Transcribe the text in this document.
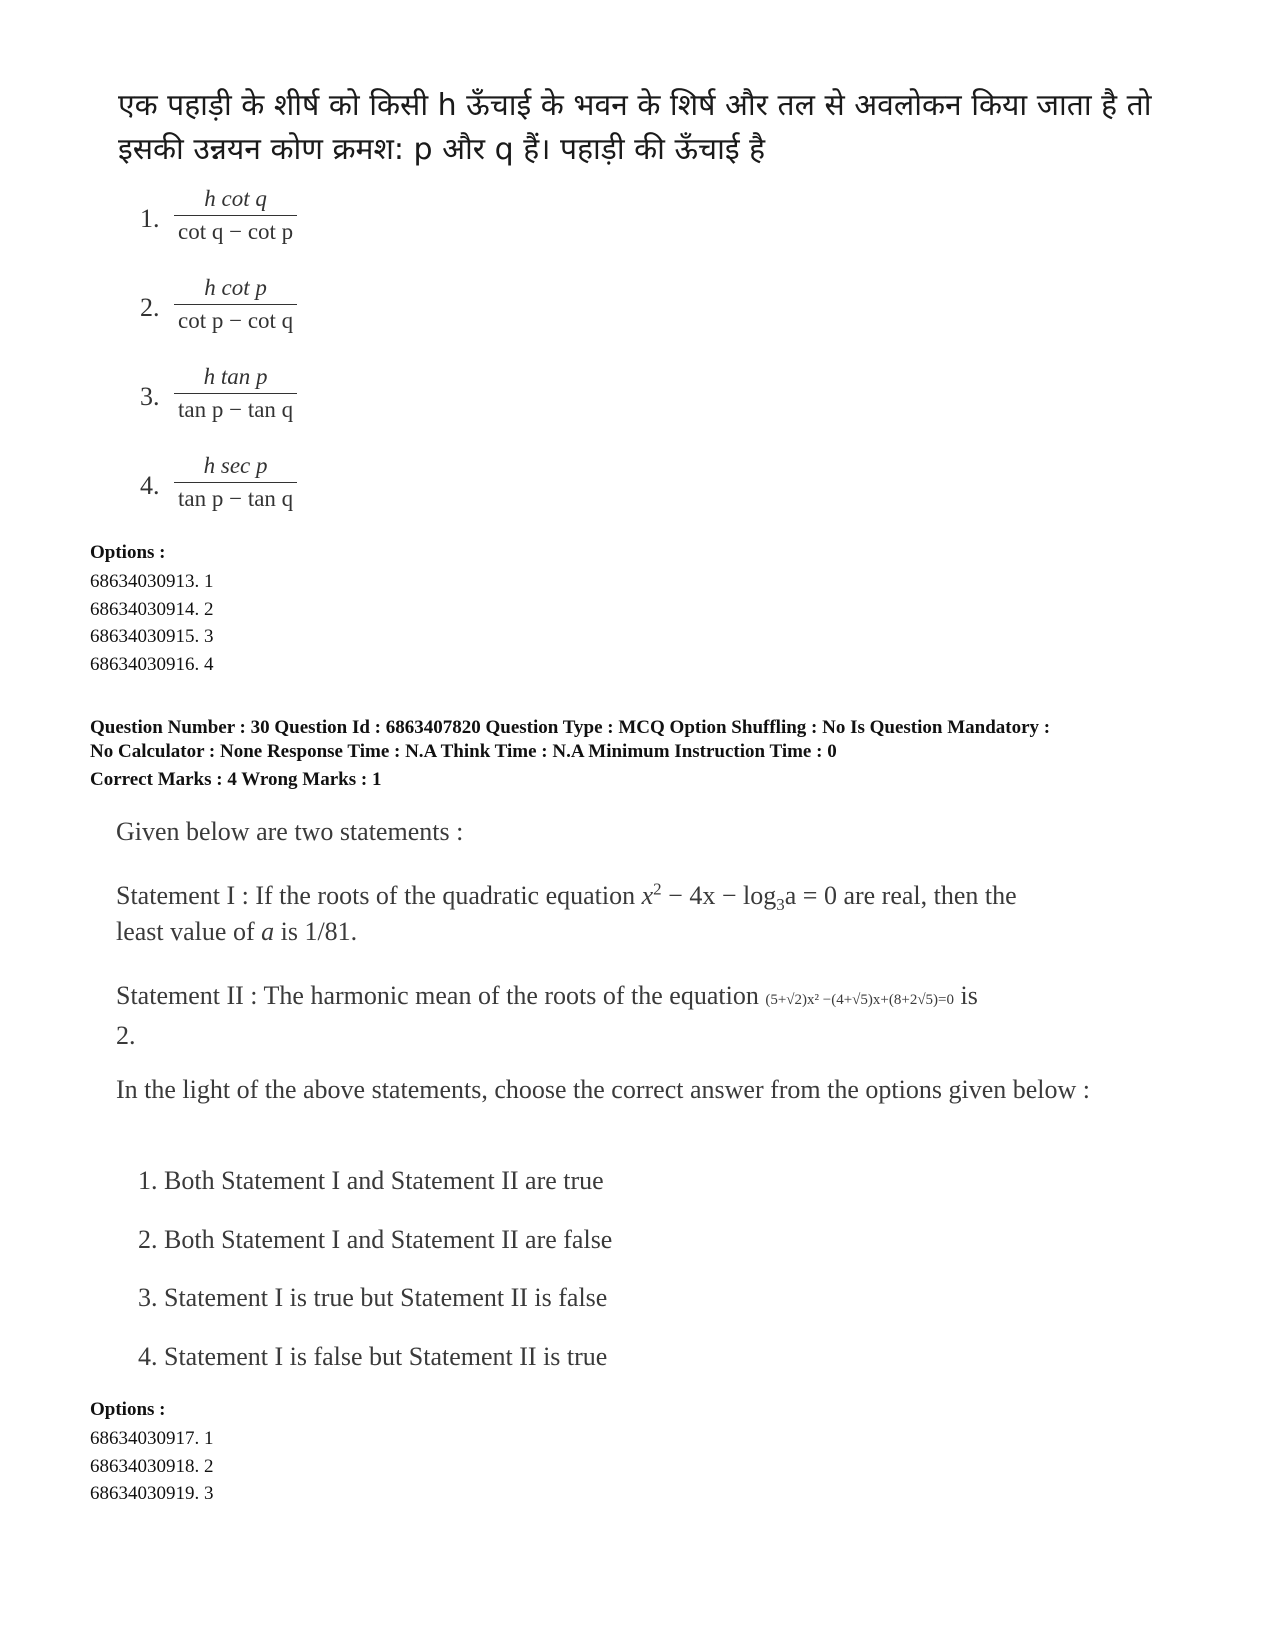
एक पहाड़ी के शीर्ष को किसी h ऊँचाई के भवन के शिर्ष और तल से अवलोकन किया जाता है तो इसकी उन्नयन कोण क्रमश: p और q हैं। पहाड़ी की ऊँचाई है
1.
h cot q
cot q − cot p
2.
h cot p
cot p − cot q
3.
h tan p
tan p − tan q
4.
h sec p
tan p − tan q
Options :
68634030913. 1
68634030914. 2
68634030915. 3
68634030916. 4
Question Number : 30 Question Id : 6863407820 Question Type : MCQ Option Shuffling : No Is Question Mandatory :
No Calculator : None Response Time : N.A Think Time : N.A Minimum Instruction Time : 0
Correct Marks : 4 Wrong Marks : 1
Given below are two statements :
Statement I : If the roots of the quadratic equation $x^2 - 4x - \log_3a = 0$ are real, then the
least value of a is 1/81.
Statement II : The harmonic mean of the roots of the equation (5+√2)x² −(4+√5)x+(8+2√5)=0 is
2.
In the light of the above statements, choose the correct answer from the options given below :
1. Both Statement I and Statement II are true
2. Both Statement I and Statement II are false
3. Statement I is true but Statement II is false
4. Statement I is false but Statement II is true
Options :
68634030917. 1
68634030918. 2
68634030919. 3
